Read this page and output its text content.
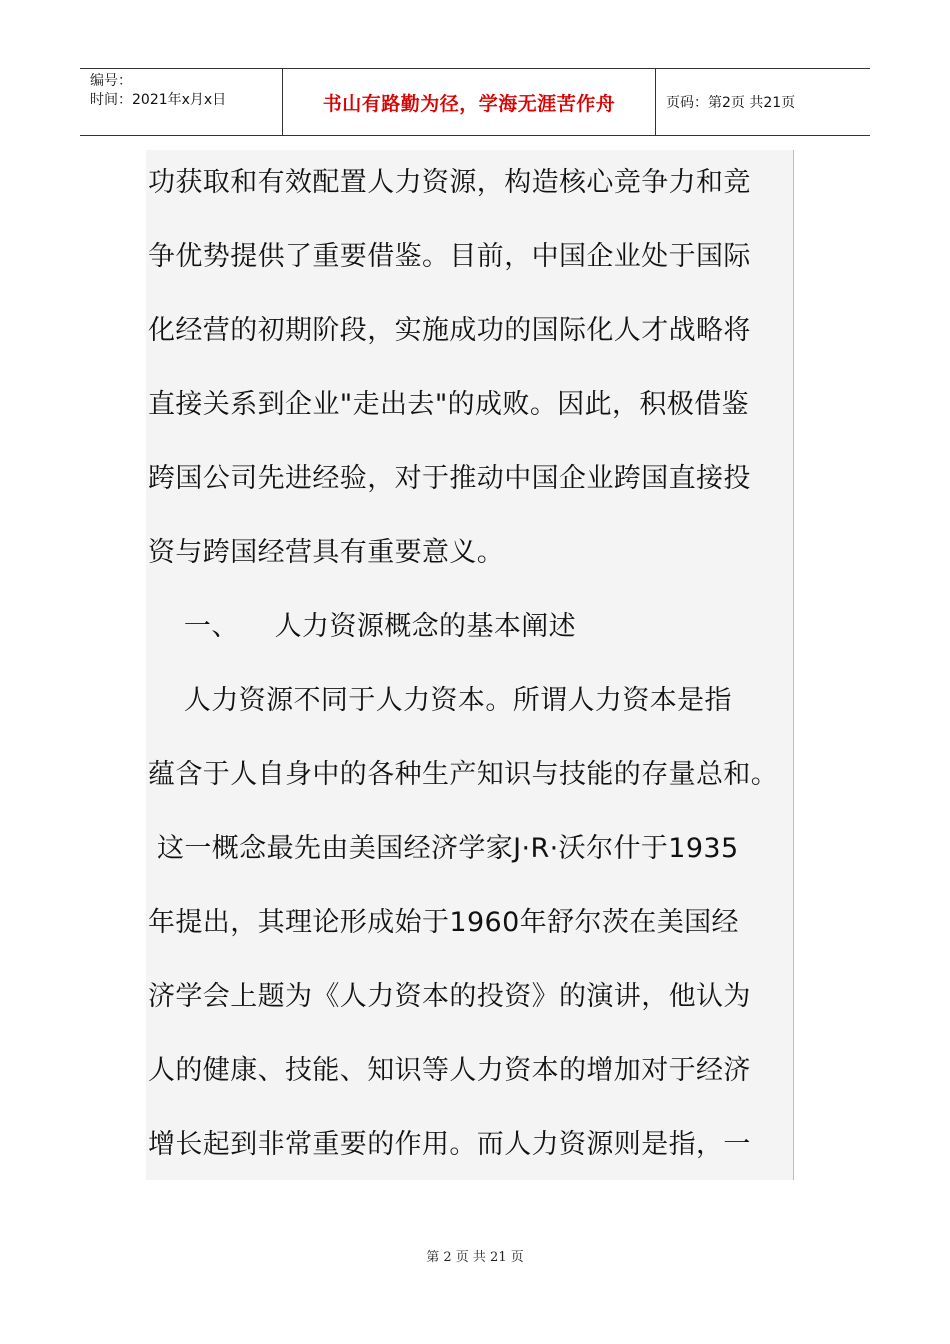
编号：
时间：2021年x月x日	书山有路勤为径，学海无涯苦作舟	页码：第2页 共21页
功获取和有效配置人力资源，构造核心竞争力和竞
争优势提供了重要借鉴。目前，中国企业处于国际
化经营的初期阶段，实施成功的国际化人才战略将
直接关系到企业"走出去"的成败。因此，积极借鉴
跨国公司先进经验，对于推动中国企业跨国直接投
资与跨国经营具有重要意义。
一、    人力资源概念的基本阐述
人力资源不同于人力资本。所谓人力资本是指
蕴含于人自身中的各种生产知识与技能的存量总和。
这一概念最先由美国经济学家J·R·沃尔什于1935
年提出，其理论形成始于1960年舒尔茨在美国经
济学会上题为《人力资本的投资》的演讲，他认为
人的健康、技能、知识等人力资本的增加对于经济
增长起到非常重要的作用。而人力资源则是指，一
第 2 页 共 21 页
